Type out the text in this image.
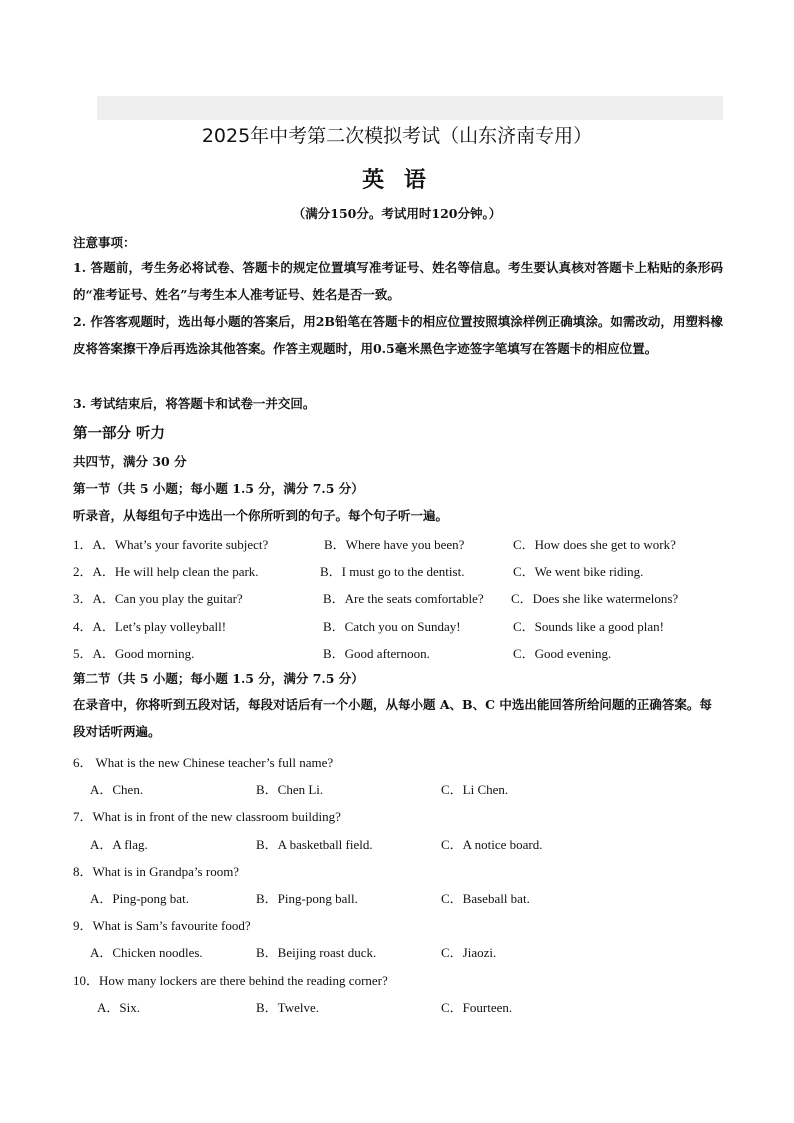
2025年中考第二次模拟考试（山东济南专用）
英 语
（满分150分。考试用时120分钟。）
注意事项：
1. 答题前，考生务必将试卷、答题卡的规定位置填写准考证号、姓名等信息。考生要认真核对答题卡上粘贴的条形码的“准考证号、姓名”与考生本人准考证号、姓名是否一致。
2. 作答客观题时，选出每小题的答案后，用2B铅笔在答题卡的相应位置按照填涂样例正确填涂。如需改动，用塑料橡皮将答案擦干净后再选涂其他答案。作答主观题时，用0.5毫米黑色字迹签字笔填写在答题卡的相应位置。
3. 考试结束后，将答题卡和试卷一并交回。
第一部分 听力
共四节，满分 30 分
第一节（共 5 小题；每小题 1.5 分，满分 7.5 分）
听录音，从每组句子中选出一个你所听到的句子。每个句子听一遍。
1．A．What’s your favorite subject?	B．Where have you been?	C．How does she get to work?
2．A．He will help clean the park.	B．I must go to the dentist.	C．We went bike riding.
3．A．Can you play the guitar?	B．Are the seats comfortable? C．Does she like watermelons?
4．A．Let’s play volleyball!	B．Catch you on Sunday!	C．Sounds like a good plan!
5．A．Good morning.	B．Good afternoon.	C．Good evening.
第二节（共 5 小题；每小题 1.5 分，满分 7.5 分）
在录音中，你将听到五段对话，每段对话后有一个小题，从每小题 A、B、C 中选出能回答所给问题的正确答案。每段对话听两遍。
6． What is the new Chinese teacher’s full name?
A．Chen.	B．Chen Li.	C．Li Chen.
7．What is in front of the new classroom building?
A．A flag.	B．A basketball field.	C．A notice board.
8．What is in Grandpa’s room?
A．Ping-pong bat.	B．Ping-pong ball.	C．Baseball bat.
9．What is Sam’s favourite food?
A．Chicken noodles.	B．Beijing roast duck.	C．Jiaozi.
10．How many lockers are there behind the reading corner?
A．Six.	B．Twelve.	C．Fourteen.
